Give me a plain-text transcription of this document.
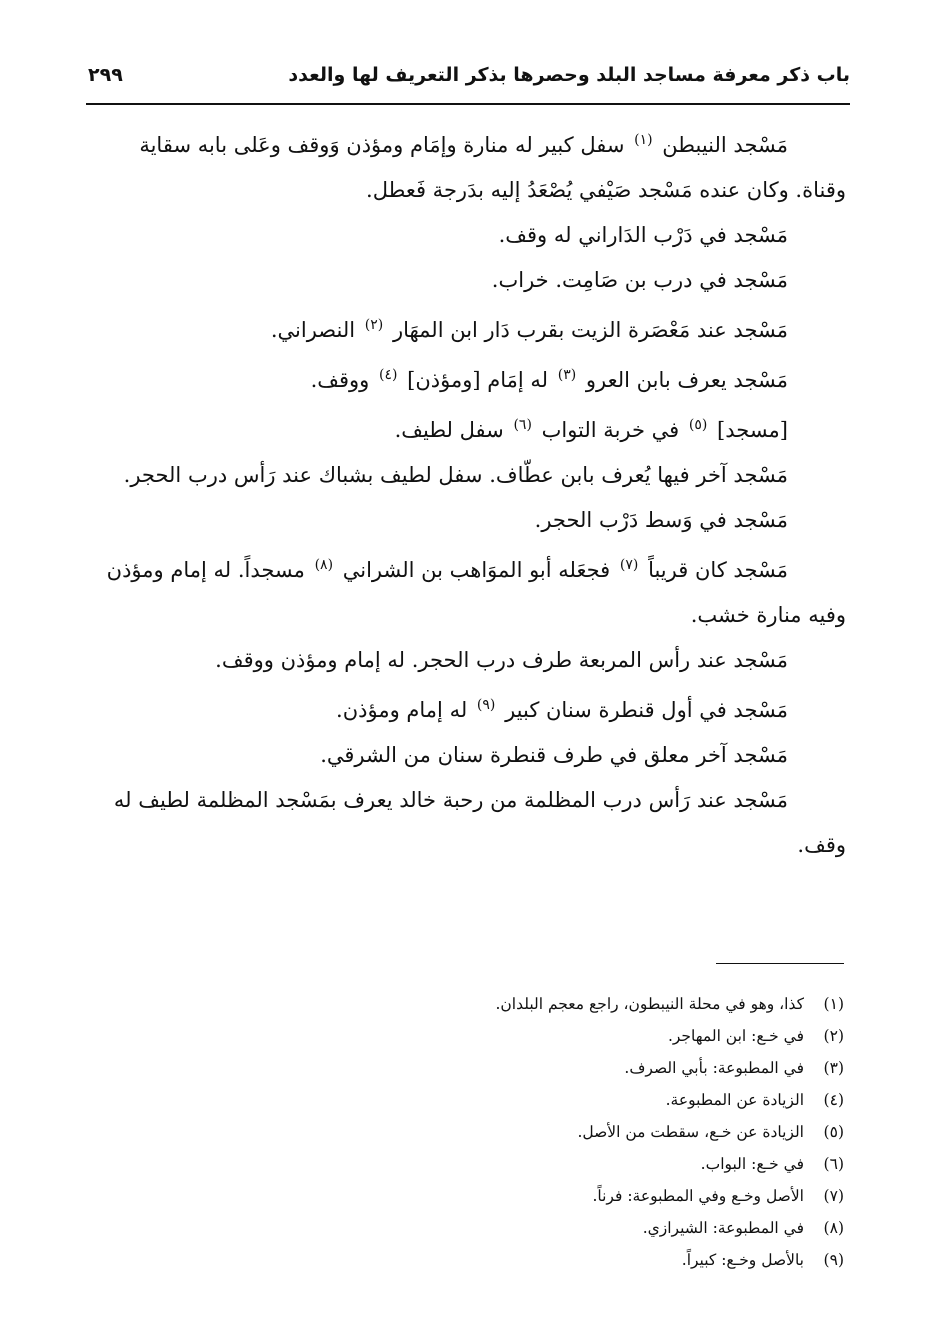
باب ذكر معرفة مساجد البلد وحصرها بذكر التعريف لها والعدد
٢٩٩

مَسْجد النيبطن $^{(١)}$ سفل كبير له منارة وإمَام ومؤذن وَوقف وعَلى بابه سقاية وقناة. وكان عنده مَسْجد صَيْفي يُصْعَدُ إليه بدَرجة فَعطل.

مَسْجد في دَرْب الدَاراني له وقف.

مَسْجد في درب بن صَامِت. خراب.

مَسْجد عند مَعْصَرة الزيت بقرب دَار ابن المهَار $^{(٢)}$ النصراني.

مَسْجد يعرف بابن العرو $^{(٣)}$ له إمَام [ومؤذن] $^{(٤)}$ ووقف.

[مسجد] $^{(٥)}$ في خربة التواب $^{(٦)}$ سفل لطيف.

مَسْجد آخر فيها يُعرف بابن عطّاف. سفل لطيف بشباك عند رَأس درب الحجر.

مَسْجد في وَسط دَرْب الحجر.

مَسْجد كان قريباً $^{(٧)}$ فجعَله أبو الموَاهب بن الشراني $^{(٨)}$ مسجداً. له إمام ومؤذن وفيه منارة خشب.

مَسْجد عند رأس المربعة طرف درب الحجر. له إمام ومؤذن ووقف.

مَسْجد في أول قنطرة سنان كبير $^{(٩)}$ له إمام ومؤذن.

مَسْجد آخر معلق في طرف قنطرة سنان من الشرقي.

مَسْجد عند رَأس درب المظلمة من رحبة خالد يعرف بمَسْجد المظلمة لطيف له وقف.

(١)كذا، وهو في محلة النيبطون، راجع معجم البلدان.
(٢)في خـع: ابن المهاجر.
(٣)في المطبوعة: بأبي الصرف.
(٤)الزيادة عن المطبوعة.
(٥)الزيادة عن خـع، سقطت من الأصل.
(٦)في خـع: البواب.
(٧)الأصل وخـع وفي المطبوعة: فرناً.
(٨)في المطبوعة: الشيرازي.
(٩)بالأصل وخـع: كبيراً.
